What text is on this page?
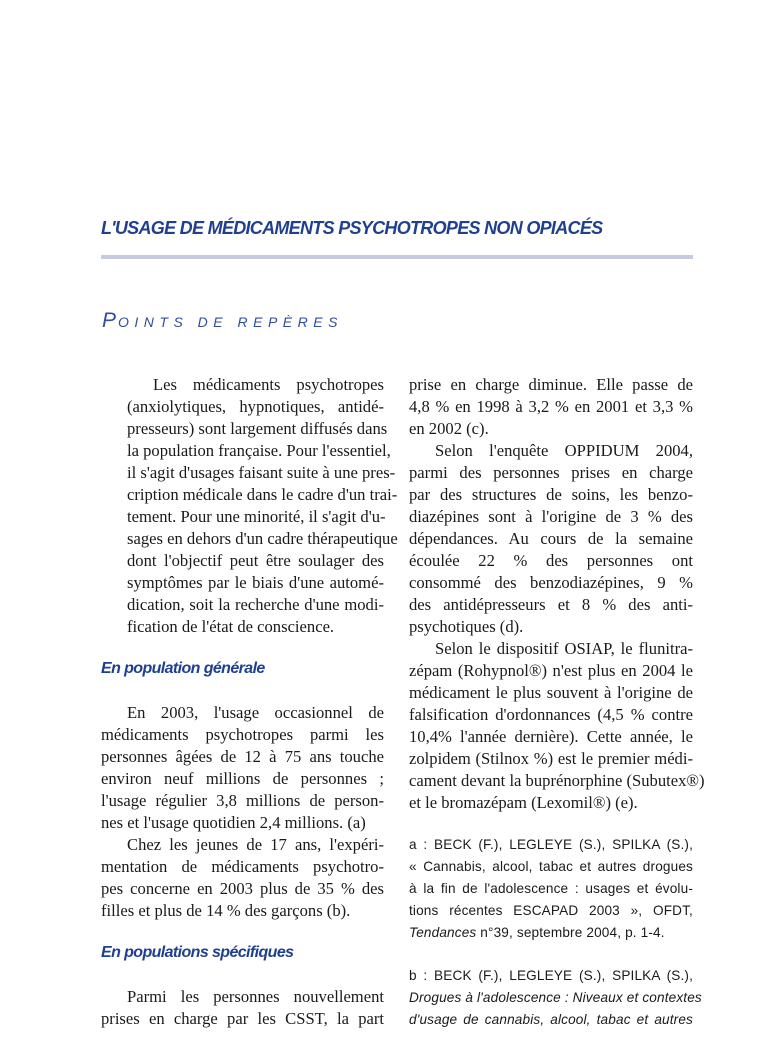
L'USAGE DE MÉDICAMENTS PSYCHOTROPES NON OPIACÉS
POINTS DE REPÈRES

Les médicaments psychotropes
(anxiolytiques, hypnotiques, antidé-
presseurs) sont largement diffusés dans
la population française. Pour l'essentiel,
il s'agit d'usages faisant suite à une pres-
cription médicale dans le cadre d'un trai-
tement. Pour une minorité, il s'agit d'u-
sages en dehors d'un cadre thérapeutique
dont l'objectif peut être soulager des
symptômes par le biais d'une automé-
dication, soit la recherche d'une modi-
fication de l'état de conscience.

En population générale

En 2003, l'usage occasionnel de
médicaments psychotropes parmi les
personnes âgées de 12 à 75 ans touche
environ neuf millions de personnes ;
l'usage régulier 3,8 millions de person-
nes et l'usage quotidien 2,4 millions. (a)

Chez les jeunes de 17 ans, l'expéri-
mentation de médicaments psychotro-
pes concerne en 2003 plus de 35 % des
filles et plus de 14 % des garçons (b).

En populations spécifiques

Parmi les personnes nouvellement
prises en charge par les CSST, la part

prise en charge diminue. Elle passe de
4,8 % en 1998 à 3,2 % en 2001 et 3,3 %
en 2002 (c).

Selon l'enquête OPPIDUM 2004,
parmi des personnes prises en charge
par des structures de soins, les benzo-
diazépines sont à l'origine de 3 % des
dépendances. Au cours de la semaine
écoulée 22 % des personnes ont
consommé des benzodiazépines, 9 %
des antidépresseurs et 8 % des anti-
psychotiques (d).

Selon le dispositif OSIAP, le flunitra-
zépam (Rohypnol®) n'est plus en 2004 le
médicament le plus souvent à l'origine de
falsification d'ordonnances (4,5 % contre
10,4% l'année dernière). Cette année, le
zolpidem (Stilnox %) est le premier médi-
cament devant la buprénorphine (Subutex®)
et le bromazépam (Lexomil®) (e).

a : BECK (F.), LEGLEYE (S.), SPILKA (S.),
« Cannabis, alcool, tabac et autres drogues
à la fin de l'adolescence : usages et évolu-
tions récentes ESCAPAD 2003 », OFDT,
Tendances n°39, septembre 2004, p. 1-4.

b : BECK (F.), LEGLEYE (S.), SPILKA (S.),
Drogues à l'adolescence : Niveaux et contextes
d'usage de cannabis, alcool, tabac et autres
